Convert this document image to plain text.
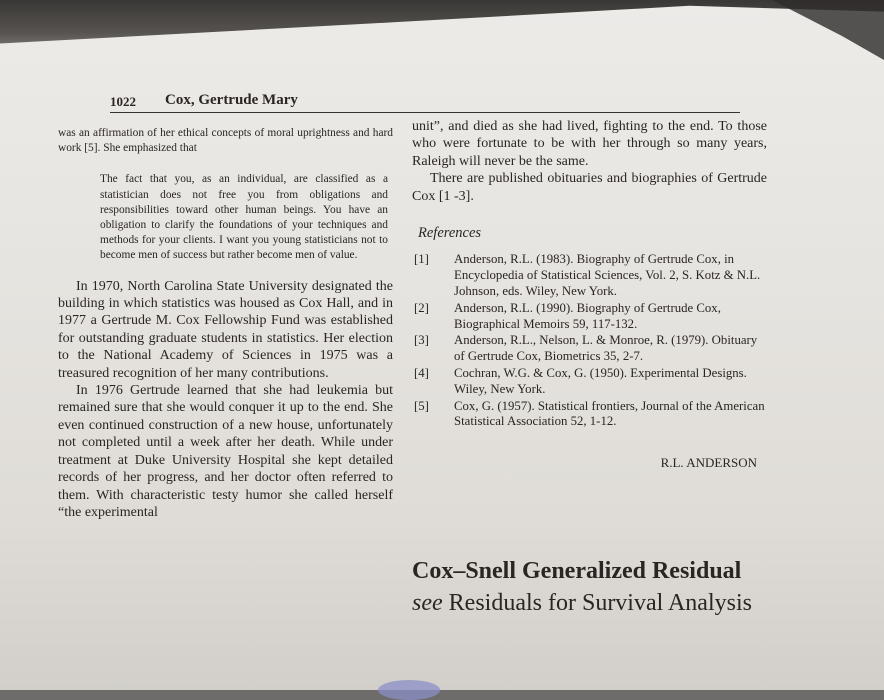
1022 Cox, Gertrude Mary

was an affirmation of her ethical concepts of moral uprightness and hard work [5]. She emphasized that

The fact that you, as an individual, are classified as a statistician does not free you from obligations and responsibilities toward other human beings. You have an obligation to clarify the foundations of your techniques and methods for your clients. I want you young statisticians not to become men of success but rather become men of value.

In 1970, North Carolina State University designated the building in which statistics was housed as Cox Hall, and in 1977 a Gertrude M. Cox Fellowship Fund was established for outstanding graduate students in statistics. Her election to the National Academy of Sciences in 1975 was a treasured recognition of her many contributions.

In 1976 Gertrude learned that she had leukemia but remained sure that she would conquer it up to the end. She even continued construction of a new house, unfortunately not completed until a week after her death. While under treatment at Duke University Hospital she kept detailed records of her progress, and her doctor often referred to them. With characteristic testy humor she called herself “the experimental

unit”, and died as she had lived, fighting to the end. To those who were fortunate to be with her through so many years, Raleigh will never be the same.

There are published obituaries and biographies of Gertrude Cox [1 -3].

References
[1]	Anderson, R.L. (1983). Biography of Gertrude Cox, in Encyclopedia of Statistical Sciences, Vol. 2, S. Kotz & N.L. Johnson, eds. Wiley, New York.
[2]	Anderson, R.L. (1990). Biography of Gertrude Cox, Biographical Memoirs 59, 117-132.
[3]	Anderson, R.L., Nelson, L. & Monroe, R. (1979). Obituary of Gertrude Cox, Biometrics 35, 2-7.
[4]	Cochran, W.G. & Cox, G. (1950). Experimental Designs. Wiley, New York.
[5]	Cox, G. (1957). Statistical frontiers, Journal of the American Statistical Association 52, 1-12.
R.L. ANDERSON
Cox–Snell Generalized Residual
see Residuals for Survival Analysis
